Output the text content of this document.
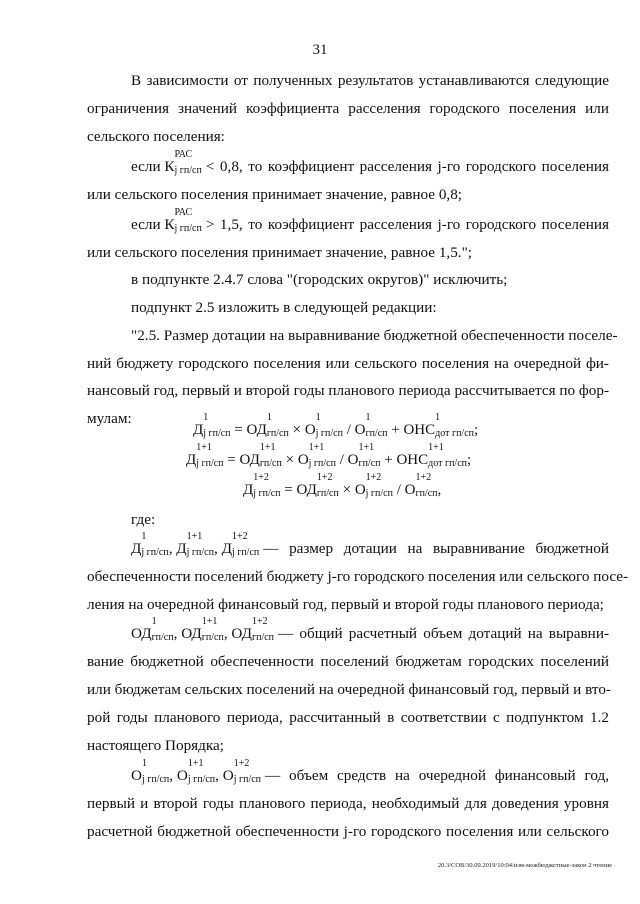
31
В зависимости от полученных результатов устанавливаются следующие
ограничения значений коэффициента расселения городского поселения или
сельского поселения:
если К
РАС
j гп/сп < 0,8, то коэффициент расселения j-го городского поселения
или сельского поселения принимает значение, равное 0,8;
если К
РАС
j гп/сп > 1,5, то коэффициент расселения j-го городского поселения
или сельского поселения принимает значение, равное 1,5.";
в подпункте 2.4.7 слова "(городских округов)" исключить;
подпункт 2.5 изложить в следующей редакции:
"2.5. Размер дотации на выравнивание бюджетной обеспеченности поселе-
ний бюджету городского поселения или сельского поселения на очередной фи-
нансовый год, первый и второй годы планового периода рассчитывается по фор-
мулам:
Д
1
j гп/сп = ОД
1
гп/сп × О
1
j гп/сп / О
1
гп/сп + ОНС
1
дот гп/сп ;
Д
1+1
j гп/сп = ОД
1+1
гп/сп × О
1+1
j гп/сп / О
1+1
гп/сп + ОНС
1+1
дот гп/сп ;
Д
1+2
j гп/сп = ОД
1+2
гп/сп × О
1+2
j гп/сп / О
1+2
гп/сп ,
где:
Д
1
j гп/сп , Д
1+1
j гп/сп , Д
1+2
j гп/сп — размер дотации на выравнивание бюджетной
обеспеченности поселений бюджету j-го городского поселения или сельского посе-
ления на очередной финансовый год, первый и второй годы планового периода;
ОД
1
гп/сп , ОД
1+1
гп/сп , ОД
1+2
гп/сп — общий расчетный объем дотаций на выравни-
вание бюджетной обеспеченности поселений бюджетам городских поселений
или бюджетам сельских поселений на очередной финансовый год, первый и вто-
рой годы планового периода, рассчитанный в соответствии с подпунктом 1.2
настоящего Порядка;
О
1
j гп/сп , О
1+1
j гп/сп , О
1+2
j гп/сп — объем средств на очередной финансовый год,
первый и второй годы планового периода, необходимый для доведения уровня
расчетной бюджетной обеспеченности j-го городского поселения или сельского
20.3/СОВ/30.09.2019/10:04/изм-межбюджетные-закон 2 чтение
